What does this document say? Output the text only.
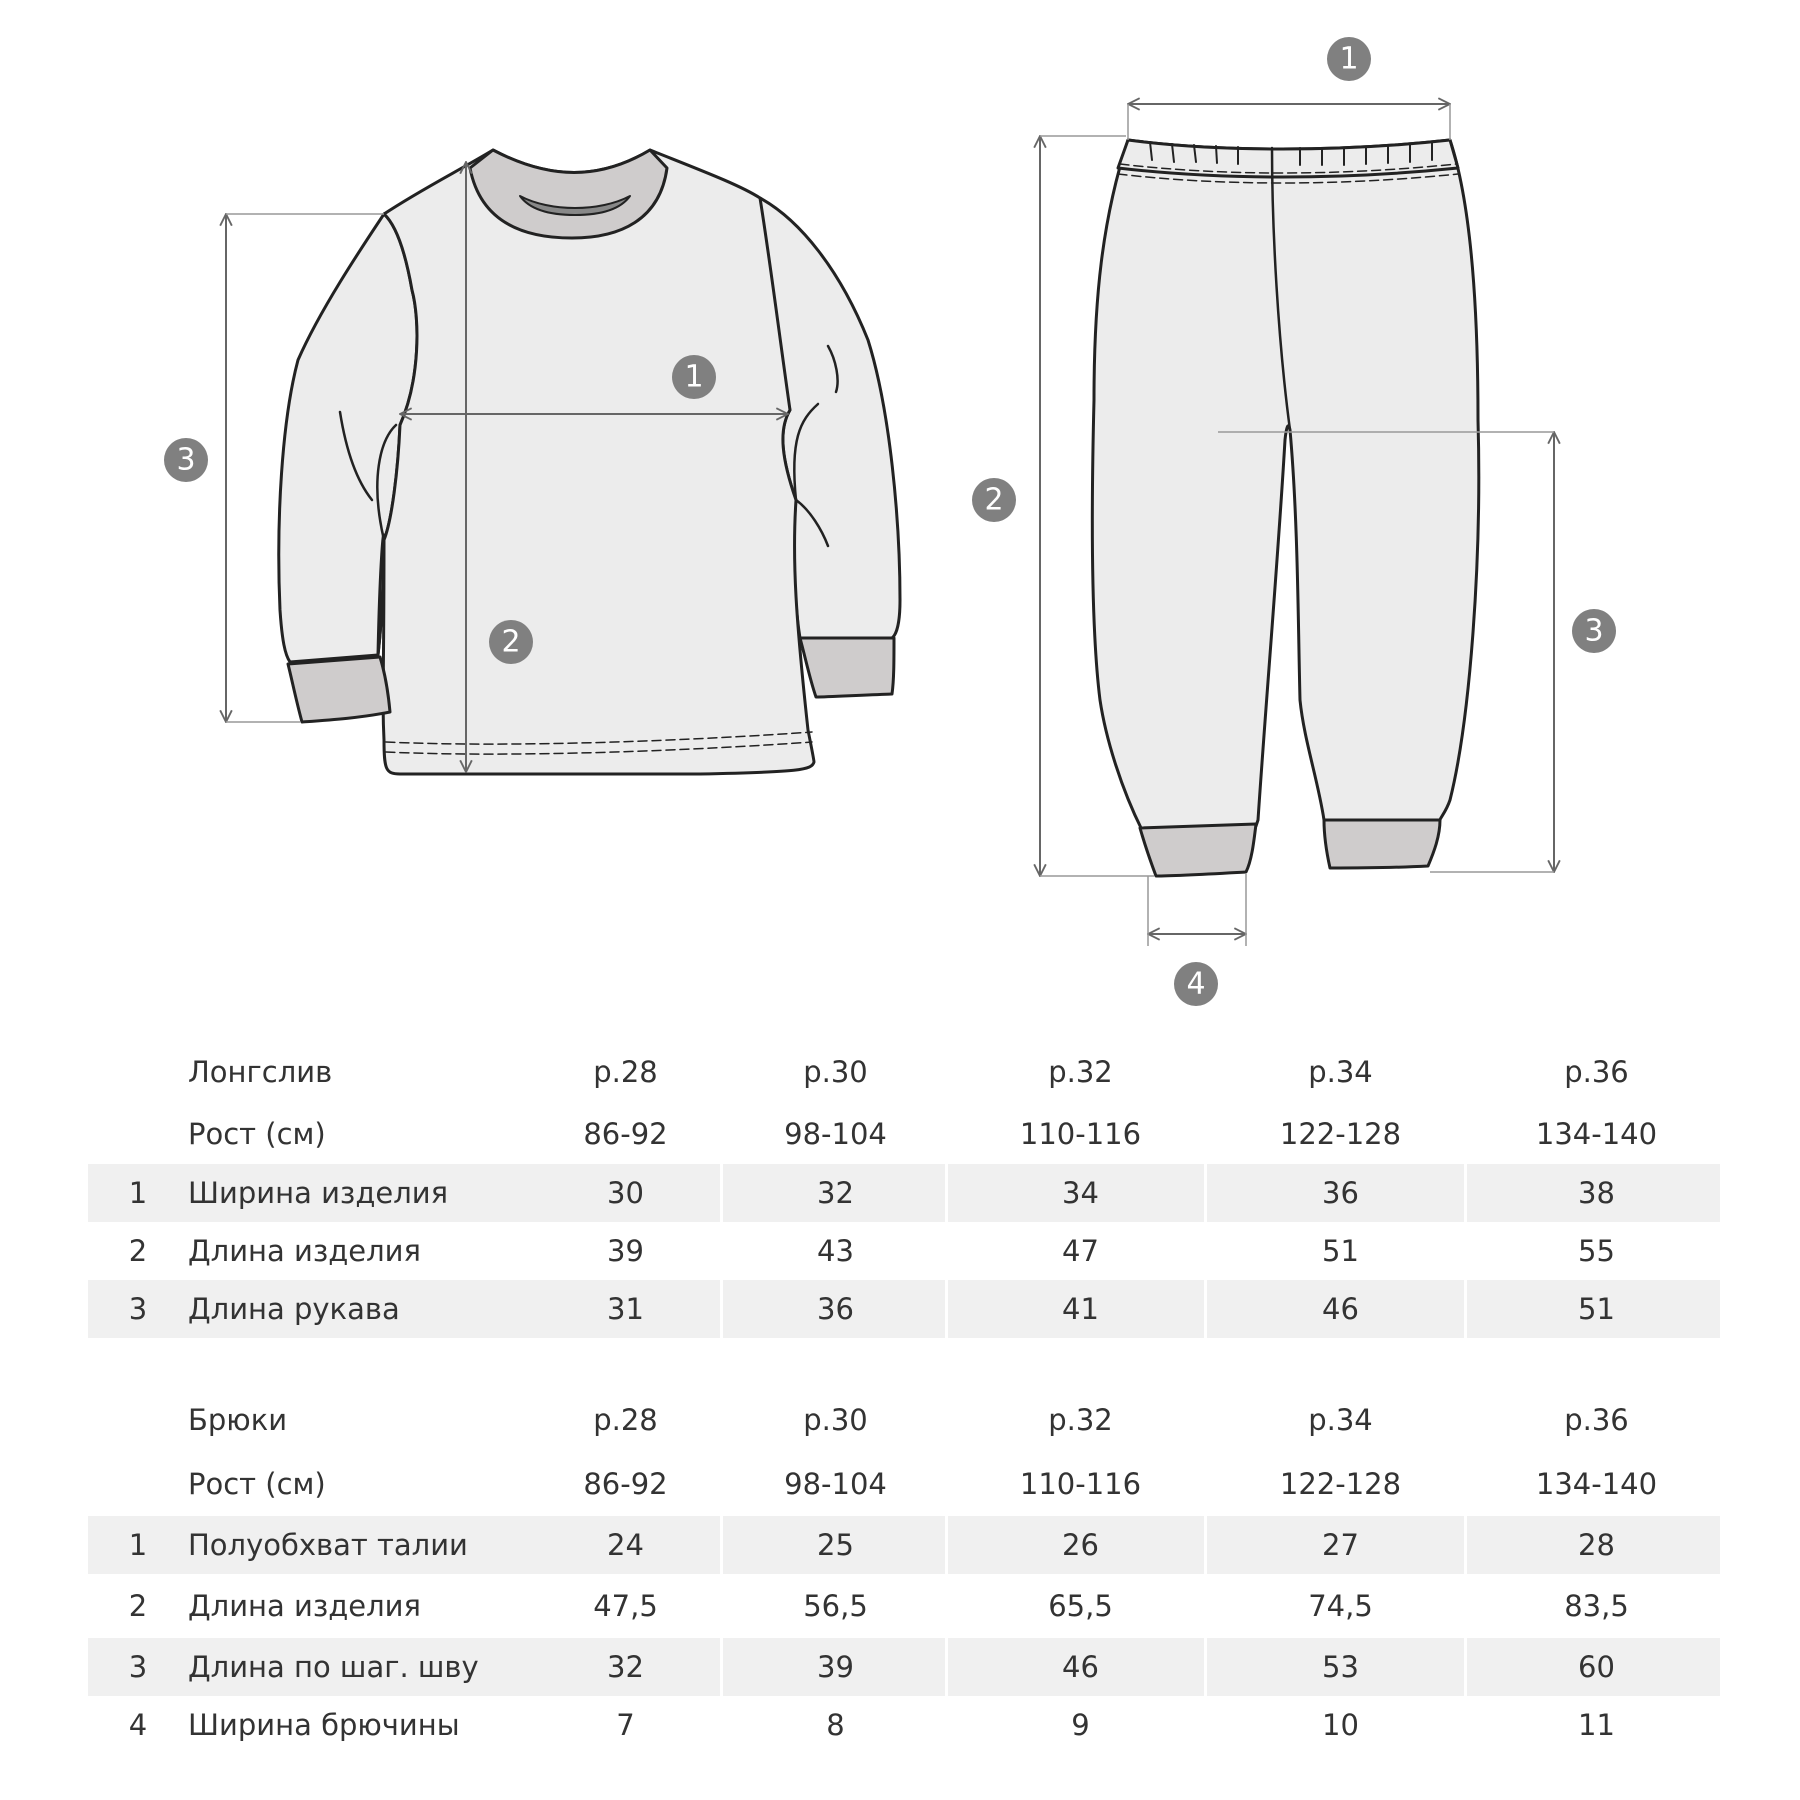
1
2
3
1
2
3
4
Лонгслив	р.28	р.30	р.32	р.34	р.36
Рост (см)	86-92	98-104	110-116	122-128	134-140
1	Ширина изделия	30	32	34	36	38
2	Длина изделия	39	43	47	51	55
3	Длина рукава	31	36	41	46	51
Брюки	р.28	р.30	р.32	р.34	р.36
Рост (см)	86-92	98-104	110-116	122-128	134-140
1	Полуобхват талии	24	25	26	27	28
2	Длина изделия	47,5	56,5	65,5	74,5	83,5
3	Длина по шаг. шву	32	39	46	53	60
4	Ширина брючины	7	8	9	10	11
